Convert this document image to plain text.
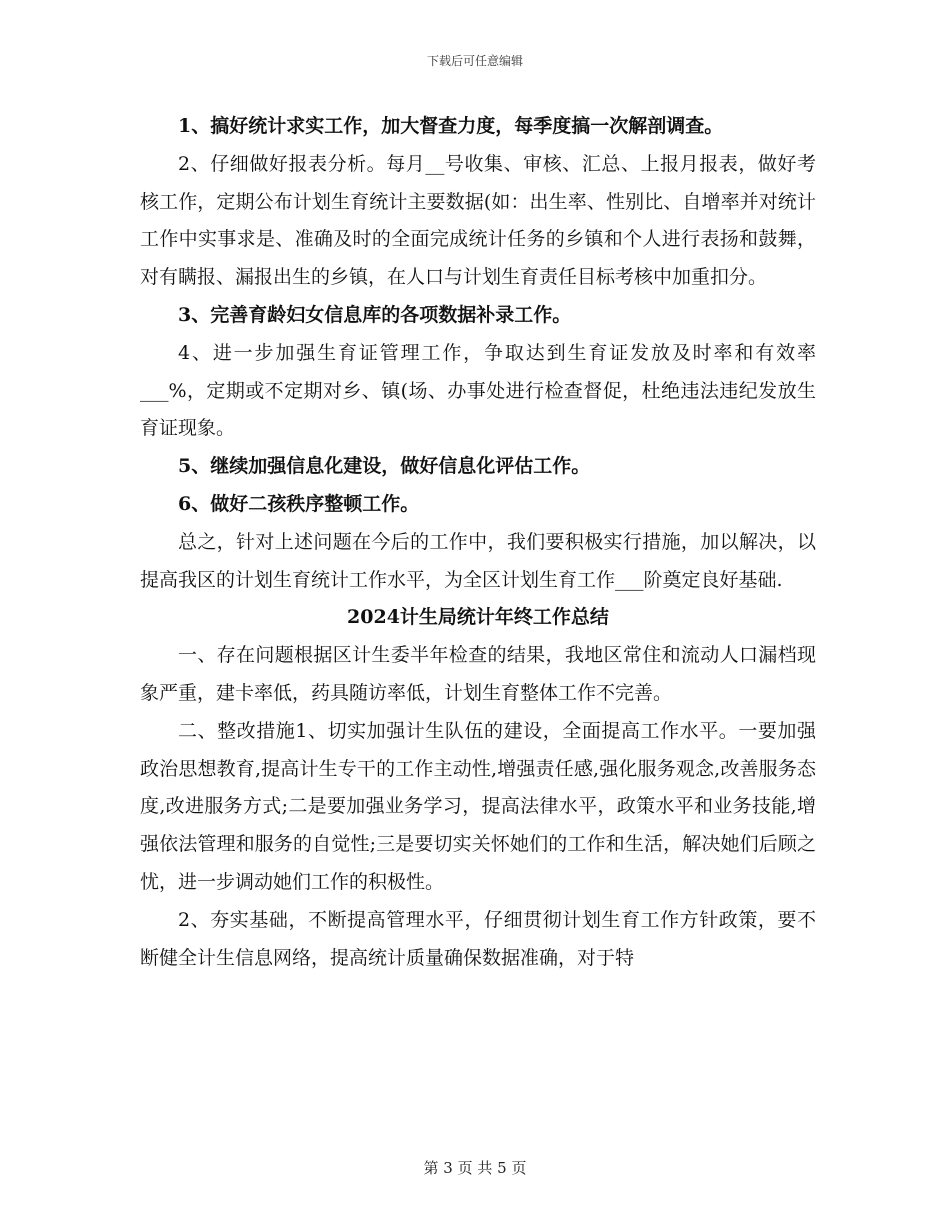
下载后可任意编辑

1、搞好统计求实工作，加大督查力度，每季度搞一次解剖调查。

2、仔细做好报表分析。每月__号收集、审核、汇总、上报月报表，做好考核工作，定期公布计划生育统计主要数据(如：出生率、性别比、自增率并对统计工作中实事求是、准确及时的全面完成统计任务的乡镇和个人进行表扬和鼓舞，对有瞒报、漏报出生的乡镇，在人口与计划生育责任目标考核中加重扣分。

3、完善育龄妇女信息库的各项数据补录工作。

4、进一步加强生育证管理工作，争取达到生育证发放及时率和有效率___%，定期或不定期对乡、镇(场、办事处进行检查督促，杜绝违法违纪发放生育证现象。

5、继续加强信息化建设，做好信息化评估工作。

6、做好二孩秩序整顿工作。

总之，针对上述问题在今后的工作中，我们要积极实行措施，加以解决，以提高我区的计划生育统计工作水平，为全区计划生育工作___阶奠定良好基础.

2024计生局统计年终工作总结

一、存在问题根据区计生委半年检查的结果，我地区常住和流动人口漏档现象严重，建卡率低，药具随访率低，计划生育整体工作不完善。

二、整改措施1、切实加强计生队伍的建设，全面提高工作水平。一要加强政治思想教育,提高计生专干的工作主动性,增强责任感,强化服务观念,改善服务态度,改进服务方式;二是要加强业务学习，提高法律水平，政策水平和业务技能,增强依法管理和服务的自觉性;三是要切实关怀她们的工作和生活，解决她们后顾之忧，进一步调动她们工作的积极性。

2、夯实基础，不断提高管理水平，仔细贯彻计划生育工作方针政策，要不断健全计生信息网络，提高统计质量确保数据准确，对于特

第 3 页 共 5 页
